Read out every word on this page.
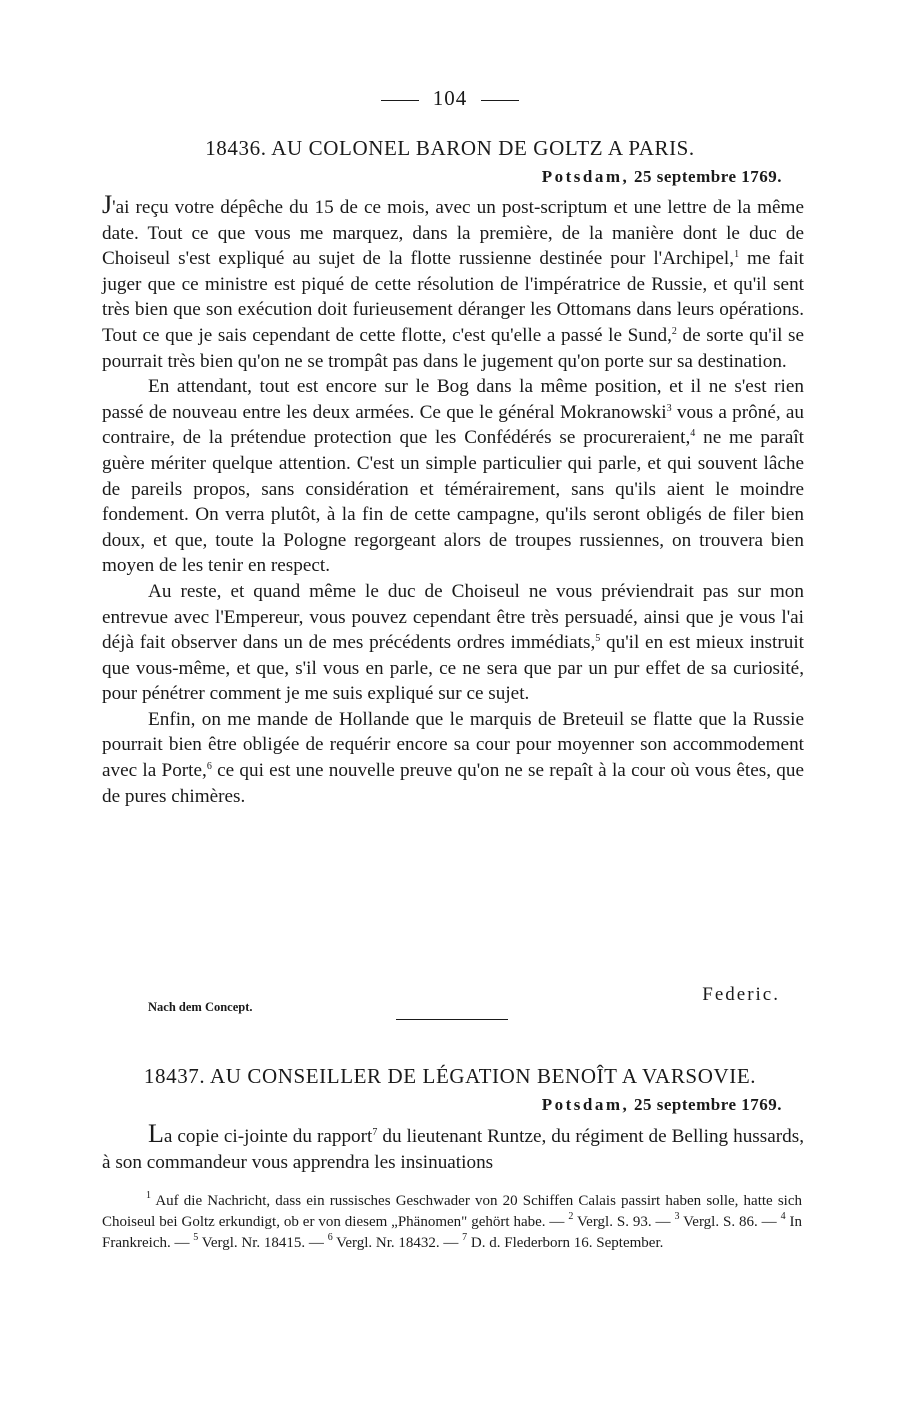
104
18436. AU COLONEL BARON DE GOLTZ A PARIS.
Potsdam, 25 septembre 1769.

J'ai reçu votre dépêche du 15 de ce mois, avec un post-scriptum et une lettre de la même date. Tout ce que vous me marquez, dans la première, de la manière dont le duc de Choiseul s'est expliqué au sujet de la flotte russienne destinée pour l'Archipel,$^1$ me fait juger que ce ministre est piqué de cette résolution de l'impératrice de Russie, et qu'il sent très bien que son exécution doit furieusement déranger les Ottomans dans leurs opérations. Tout ce que je sais cependant de cette flotte, c'est qu'elle a passé le Sund,$^2$ de sorte qu'il se pourrait très bien qu'on ne se trompât pas dans le jugement qu'on porte sur sa destination.

En attendant, tout est encore sur le Bog dans la même position, et il ne s'est rien passé de nouveau entre les deux armées. Ce que le général Mokranowski$^3$ vous a prôné, au contraire, de la prétendue protection que les Confédérés se procureraient,$^4$ ne me paraît guère mériter quelque attention. C'est un simple particulier qui parle, et qui souvent lâche de pareils propos, sans considération et témérairement, sans qu'ils aient le moindre fondement. On verra plutôt, à la fin de cette campagne, qu'ils seront obligés de filer bien doux, et que, toute la Pologne regorgeant alors de troupes russiennes, on trouvera bien moyen de les tenir en respect.

Au reste, et quand même le duc de Choiseul ne vous préviendrait pas sur mon entrevue avec l'Empereur, vous pouvez cependant être très persuadé, ainsi que je vous l'ai déjà fait observer dans un de mes précédents ordres immédiats,$^5$ qu'il en est mieux instruit que vous-même, et que, s'il vous en parle, ce ne sera que par un pur effet de sa curiosité, pour pénétrer comment je me suis expliqué sur ce sujet.

Enfin, on me mande de Hollande que le marquis de Breteuil se flatte que la Russie pourrait bien être obligée de requérir encore sa cour pour moyenner son accommodement avec la Porte,$^6$ ce qui est une nouvelle preuve qu'on ne se repaît à la cour où vous êtes, que de pures chimères.

Federic.
Nach dem Concept.
18437. AU CONSEILLER DE LÉGATION BENOÎT A VARSOVIE.
Potsdam, 25 septembre 1769.

La copie ci-jointe du rapport$^7$ du lieutenant Runtze, du régiment de Belling hussards, à son commandeur vous apprendra les insinuations

$^1$ Auf die Nachricht, dass ein russisches Geschwader von 20 Schiffen Calais passirt haben solle, hatte sich Choiseul bei Goltz erkundigt, ob er von diesem „Phänomen" gehört habe. — $^2$ Vergl. S. 93. — $^3$ Vergl. S. 86. — $^4$ In Frankreich. — $^5$ Vergl. Nr. 18415. — $^6$ Vergl. Nr. 18432. — $^7$ D. d. Flederborn 16. September.
